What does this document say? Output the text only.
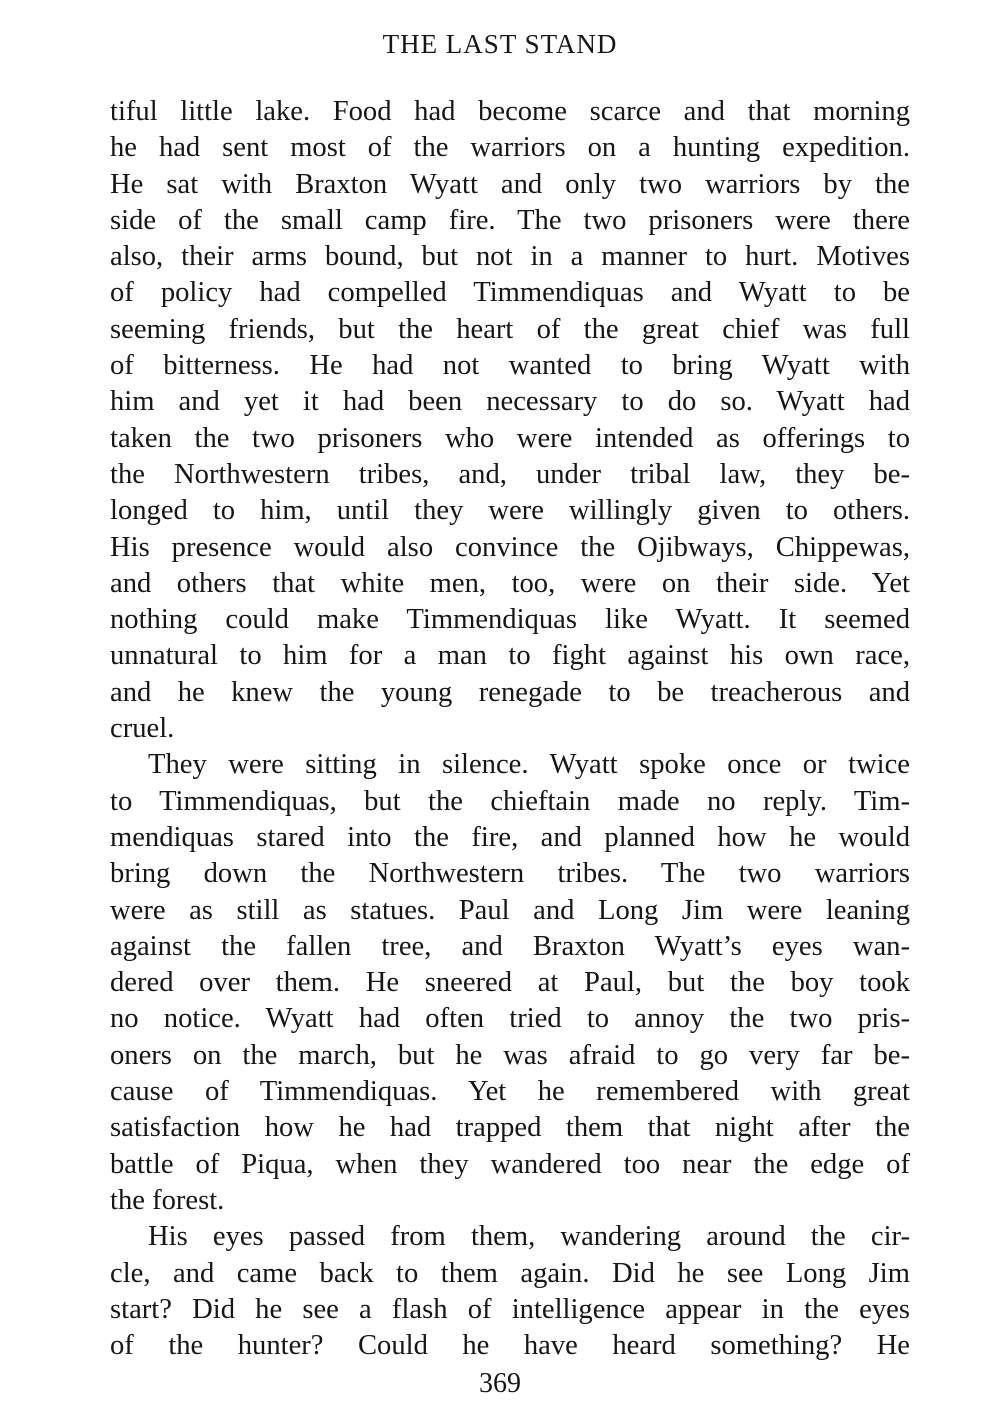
THE LAST STAND
tiful little lake. Food had become scarce and that morning
he had sent most of the warriors on a hunting expedition.
He sat with Braxton Wyatt and only two warriors by the
side of the small camp fire. The two prisoners were there
also, their arms bound, but not in a manner to hurt. Motives
of policy had compelled Timmendiquas and Wyatt to be
seeming friends, but the heart of the great chief was full
of bitterness. He had not wanted to bring Wyatt with
him and yet it had been necessary to do so. Wyatt had
taken the two prisoners who were intended as offerings to
the Northwestern tribes, and, under tribal law, they be-
longed to him, until they were willingly given to others.
His presence would also convince the Ojibways, Chippewas,
and others that white men, too, were on their side. Yet
nothing could make Timmendiquas like Wyatt. It seemed
unnatural to him for a man to fight against his own race,
and he knew the young renegade to be treacherous and
cruel.
They were sitting in silence. Wyatt spoke once or twice
to Timmendiquas, but the chieftain made no reply. Tim-
mendiquas stared into the fire, and planned how he would
bring down the Northwestern tribes. The two warriors
were as still as statues. Paul and Long Jim were leaning
against the fallen tree, and Braxton Wyatt’s eyes wan-
dered over them. He sneered at Paul, but the boy took
no notice. Wyatt had often tried to annoy the two pris-
oners on the march, but he was afraid to go very far be-
cause of Timmendiquas. Yet he remembered with great
satisfaction how he had trapped them that night after the
battle of Piqua, when they wandered too near the edge of
the forest.
His eyes passed from them, wandering around the cir-
cle, and came back to them again. Did he see Long Jim
start? Did he see a flash of intelligence appear in the eyes
of the hunter? Could he have heard something? He
369
